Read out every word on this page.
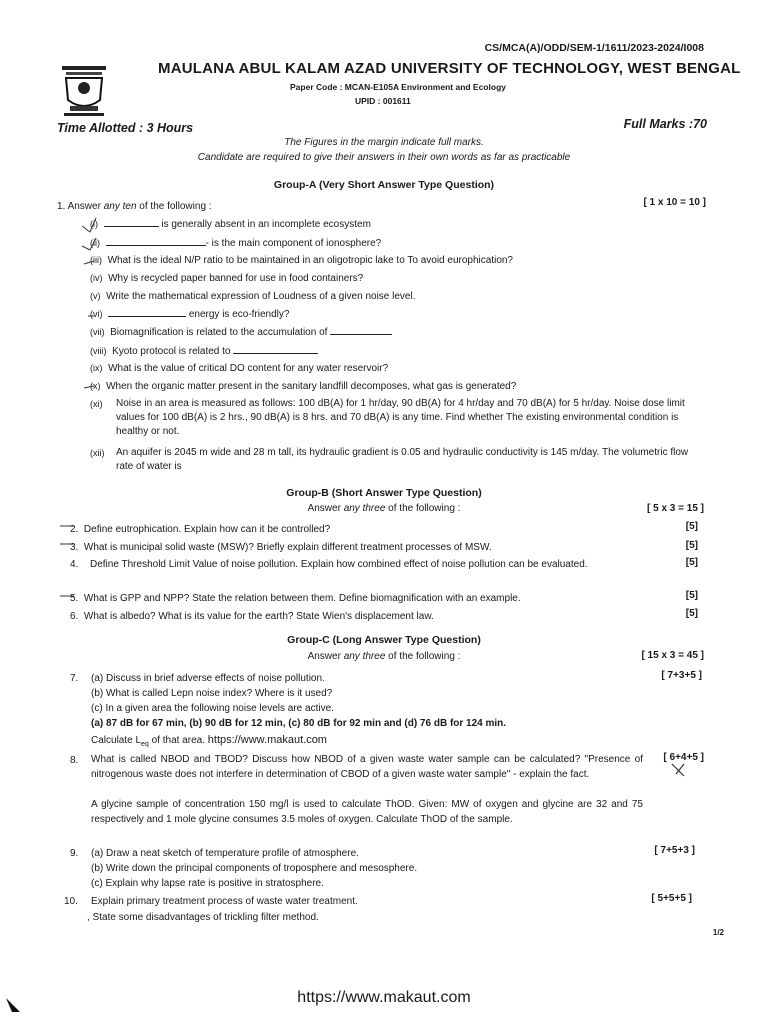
CS/MCA(A)/ODD/SEM-1/1611/2023-2024/I008
MAULANA ABUL KALAM AZAD UNIVERSITY OF TECHNOLOGY, WEST BENGAL
Paper Code : MCAN-E105A Environment and Ecology
UPID : 001611
Time Allotted : 3 Hours	Full Marks :70
The Figures in the margin indicate full marks.
Candidate are required to give their answers in their own words as far as practicable
Group-A (Very Short Answer Type Question)
1. Answer any ten of the following :	[ 1 x 10 = 10 ]
(i)	is generally absent in an incomplete ecosystem
(ii)	- is the main component of ionosphere?
(iii) What is the ideal N/P ratio to be maintained in an oligotropic lake to To avoid europhication?
(iv) Why is recycled paper banned for use in food containers?
(v) Write the mathematical expression of Loudness of a given noise level.
(vi)	energy is eco-friendly?
(vii) Biomagnification is related to the accumulation of
(viii) Kyoto protocol is related to
(ix) What is the value of critical DO content for any water reservoir?
(x) When the organic matter present in the sanitary landfill decomposes, what gas is generated?
(xi)	Noise in an area is measured as follows: 100 dB(A) for 1 hr/day, 90 dB(A) for 4 hr/day and 70 dB(A) for 5 hr/day. Noise dose limit values for 100 dB(A) is 2 hrs., 90 dB(A) is 8 hrs. and 70 dB(A) is any time. Find whether The existing environmental condition is healthy or not.
(xii)	An aquifer is 2045 m wide and 28 m tall, its hydraulic gradient is 0.05 and hydraulic conductivity is 145 m/day. The volumetric flow rate of water is
Group-B (Short Answer Type Question)
Answer any three of the following :	[ 5 x 3 = 15 ]
2. Define eutrophication. Explain how can it be controlled?	[5]
3. What is municipal solid waste (MSW)? Briefly explain different treatment processes of MSW.	[5]
4.	Define Threshold Limit Value of noise pollution. Explain how combined effect of noise pollution can be evaluated.	[5]
5. What is GPP and NPP? State the relation between them. Define biomagnification with an example.	[5]
6. What is albedo? What is its value for the earth? State Wien's displacement law.	[5]
Group-C (Long Answer Type Question)
Answer any three of the following :	[ 15 x 3 = 45 ]
7.	[ 7+3+5 ]
(a) Discuss in brief adverse effects of noise pollution.
(b) What is called Lepn noise index? Where is it used?
(c) In a given area the following noise levels are active.
(a) 87 dB for 67 min, (b) 90 dB for 12 min, (c) 80 dB for 92 min and (d) 76 dB for 124 min.
Calculate $L_{eq}$ of that area. https://www.makaut.com
8.	[ 6+4+5 ]
What is called NBOD and TBOD? Discuss how NBOD of a given waste water sample can be calculated? "Presence of nitrogenous waste does not interfere in determination of CBOD of a given waste water sample" - explain the fact.
A glycine sample of concentration 150 mg/l is used to calculate ThOD. Given: MW of oxygen and glycine are 32 and 75 respectively and 1 mole glycine consumes 3.5 moles of oxygen. Calculate ThOD of the sample.
9.	[ 7+5+3 ]
(a) Draw a neat sketch of temperature profile of atmosphere.
(b) Write down the principal components of troposphere and mesosphere.
(c) Explain why lapse rate is positive in stratosphere.
10.	[ 5+5+5 ]
Explain primary treatment process of waste water treatment.
, State some disadvantages of trickling filter method.
1/2
https://www.makaut.com
